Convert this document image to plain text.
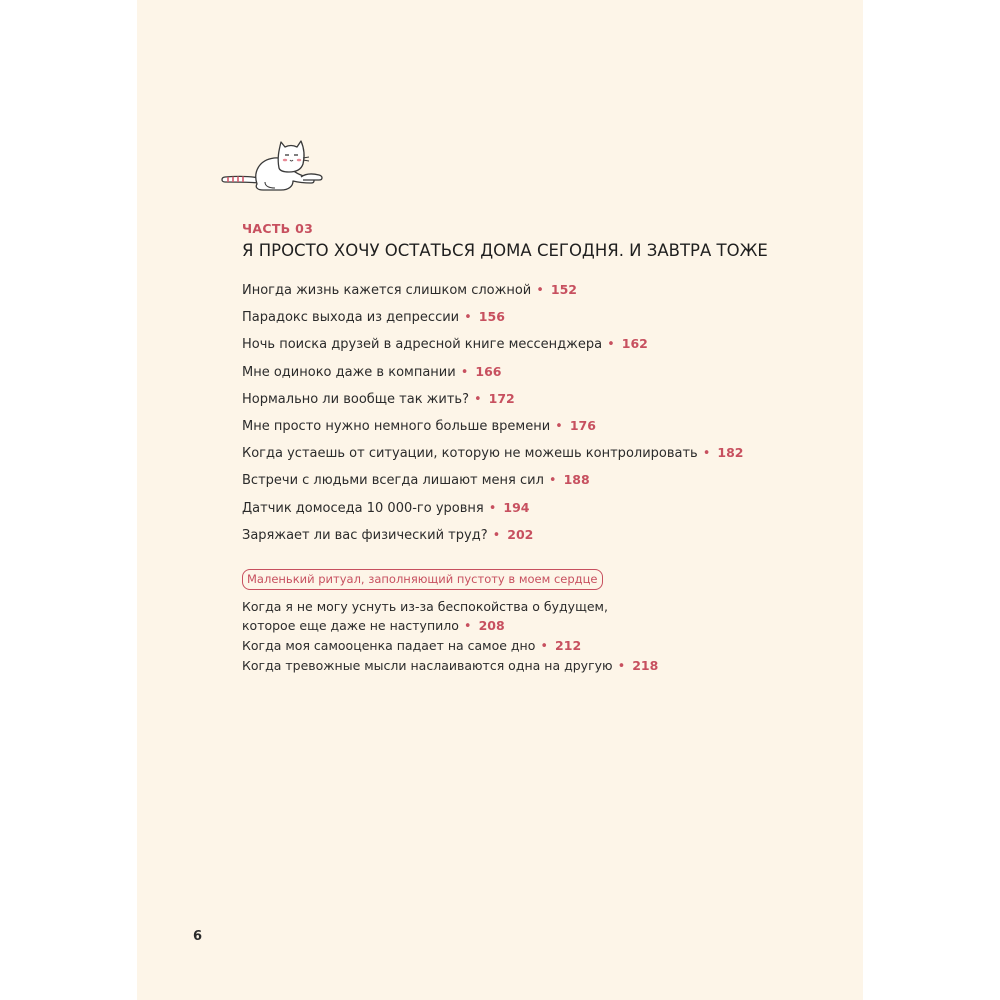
ЧАСТЬ 03
Я ПРОСТО ХОЧУ ОСТАТЬСЯ ДОМА СЕГОДНЯ. И ЗАВТРА ТОЖЕ
Иногда жизнь кажется слишком сложной • 152
Парадокс выхода из депрессии • 156
Ночь поиска друзей в адресной книге мессенджера • 162
Мне одиноко даже в компании • 166
Нормально ли вообще так жить? • 172
Мне просто нужно немного больше времени • 176
Когда устаешь от ситуации, которую не можешь контролировать • 182
Встречи с людьми всегда лишают меня сил • 188
Датчик домоседа 10 000-го уровня • 194
Заряжает ли вас физический труд? • 202
Маленький ритуал, заполняющий пустоту в моем сердце
Когда я не могу уснуть из-за беспокойства о будущем,
которое еще даже не наступило • 208
Когда моя самооценка падает на самое дно • 212
Когда тревожные мысли наслаиваются одна на другую • 218
6
